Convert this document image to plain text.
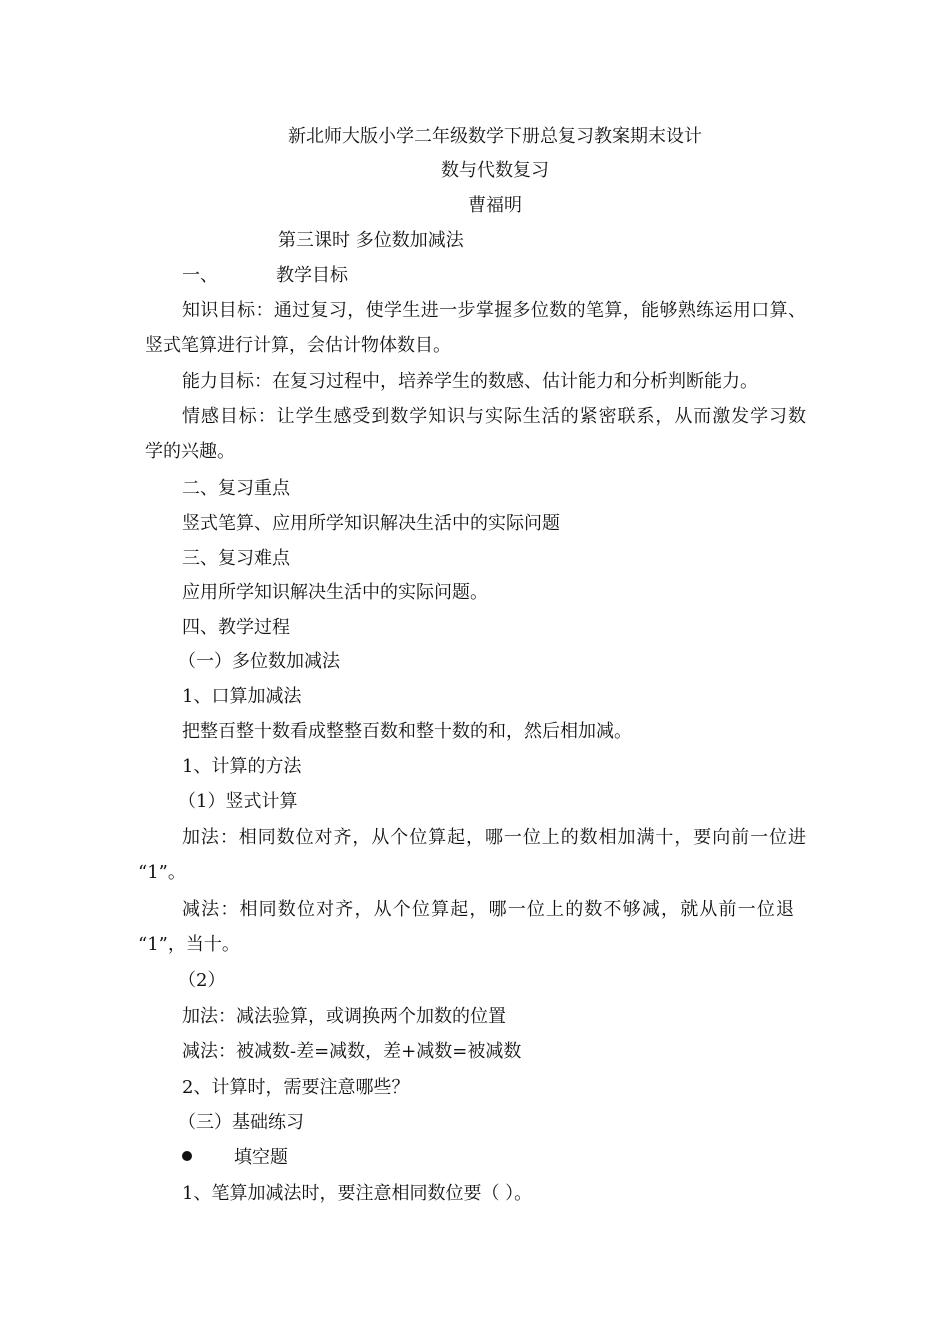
新北师大版小学二年级数学下册总复习教案期末设计
数与代数复习
曹福明
第三课时 多位数加减法
一、	教学目标
知识目标：通过复习，使学生进一步掌握多位数的笔算，能够熟练运用口算、
竖式笔算进行计算，会估计物体数目。
能力目标：在复习过程中，培养学生的数感、估计能力和分析判断能力。
情感目标：让学生感受到数学知识与实际生活的紧密联系，从而激发学习数
学的兴趣。
二、复习重点
竖式笔算、应用所学知识解决生活中的实际问题
三、复习难点
应用所学知识解决生活中的实际问题。
四、教学过程
（一）多位数加减法
1、口算加减法
把整百整十数看成整整百数和整十数的和，然后相加减。
1、计算的方法
（1）竖式计算
加法：相同数位对齐，从个位算起，哪一位上的数相加满十，要向前一位进
“1”。
减法：相同数位对齐，从个位算起，哪一位上的数不够减，就从前一位退
“1”，当十。
（2）
加法：减法验算，或调换两个加数的位置
减法：被减数-差=减数，差+减数=被减数
2、计算时，需要注意哪些？
（三）基础练习
填空题
1、笔算加减法时，要注意相同数位要（ ）。
